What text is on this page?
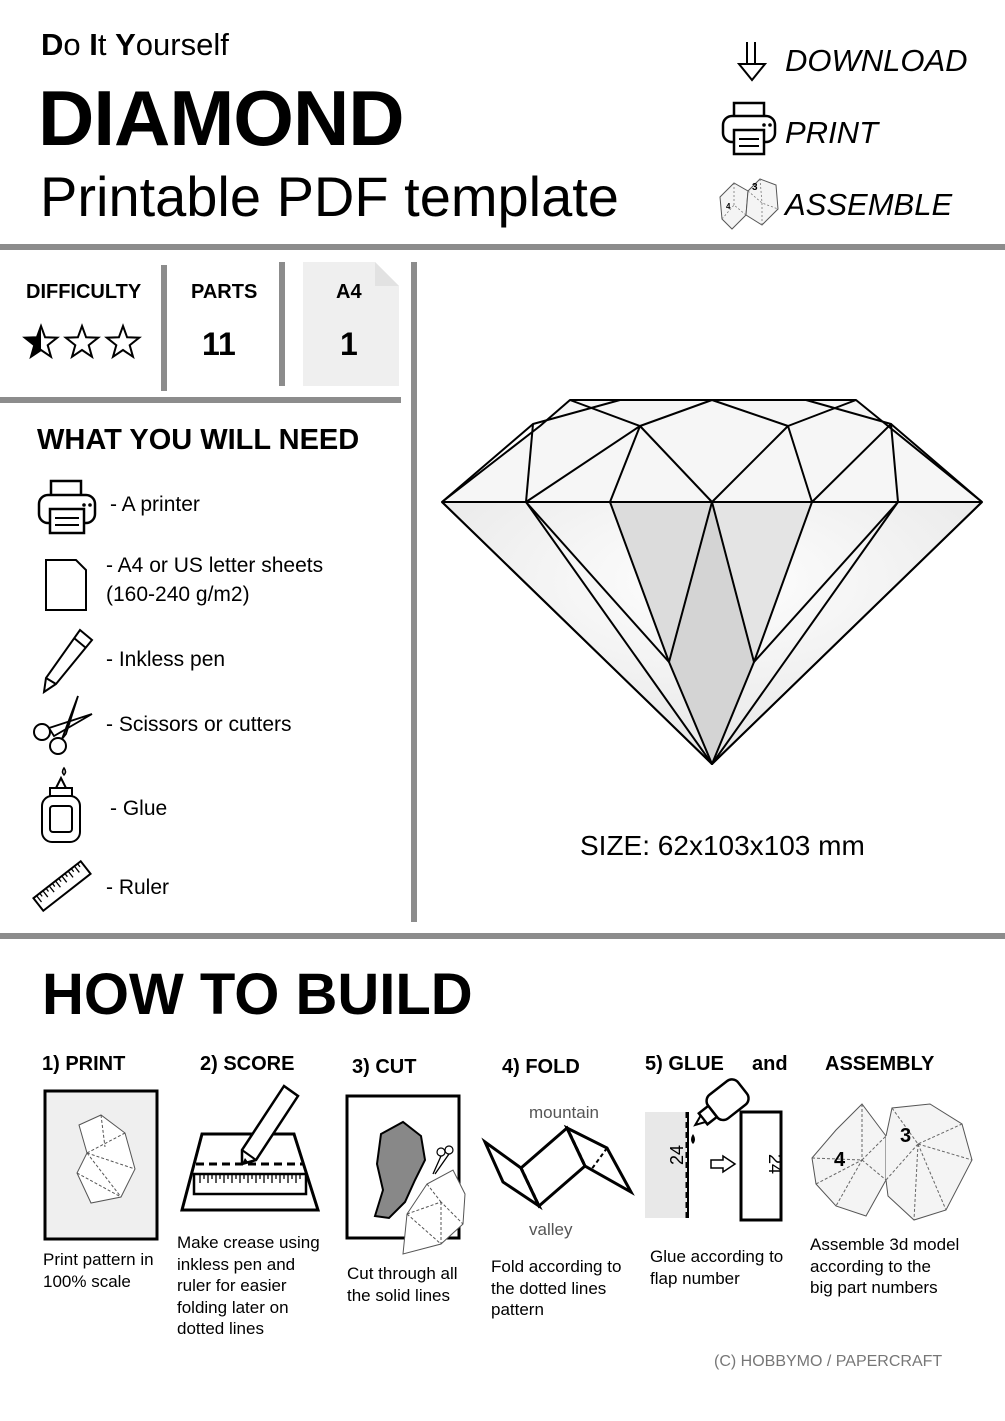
Do It Yourself
DIAMOND
Printable PDF template
DOWNLOAD
PRINT
3
4 ASSEMBLE
DIFFICULTY PARTS
11
A4
1
WHAT YOU WILL NEED
- A printer
- A4 or US letter sheets
(160-240 g/m2)
- Inkless pen
- Scissors or cutters
- Glue
- Ruler
SIZE: 62x103x103 mm
HOW TO BUILD
1) PRINT
Print pattern in
100% scale
2) SCORE
Make crease using
inkless pen and
ruler for easier
folding later on
dotted lines
3) CUT
Cut through all
the solid lines
4) FOLD
mountain
valley
Fold according to
the dotted lines
pattern
5) GLUE and
24	24
Glue according to
flap number
ASSEMBLY
4
3
Assemble 3d model
according to the
big part numbers
(C) HOBBYMO / PAPERCRAFT
